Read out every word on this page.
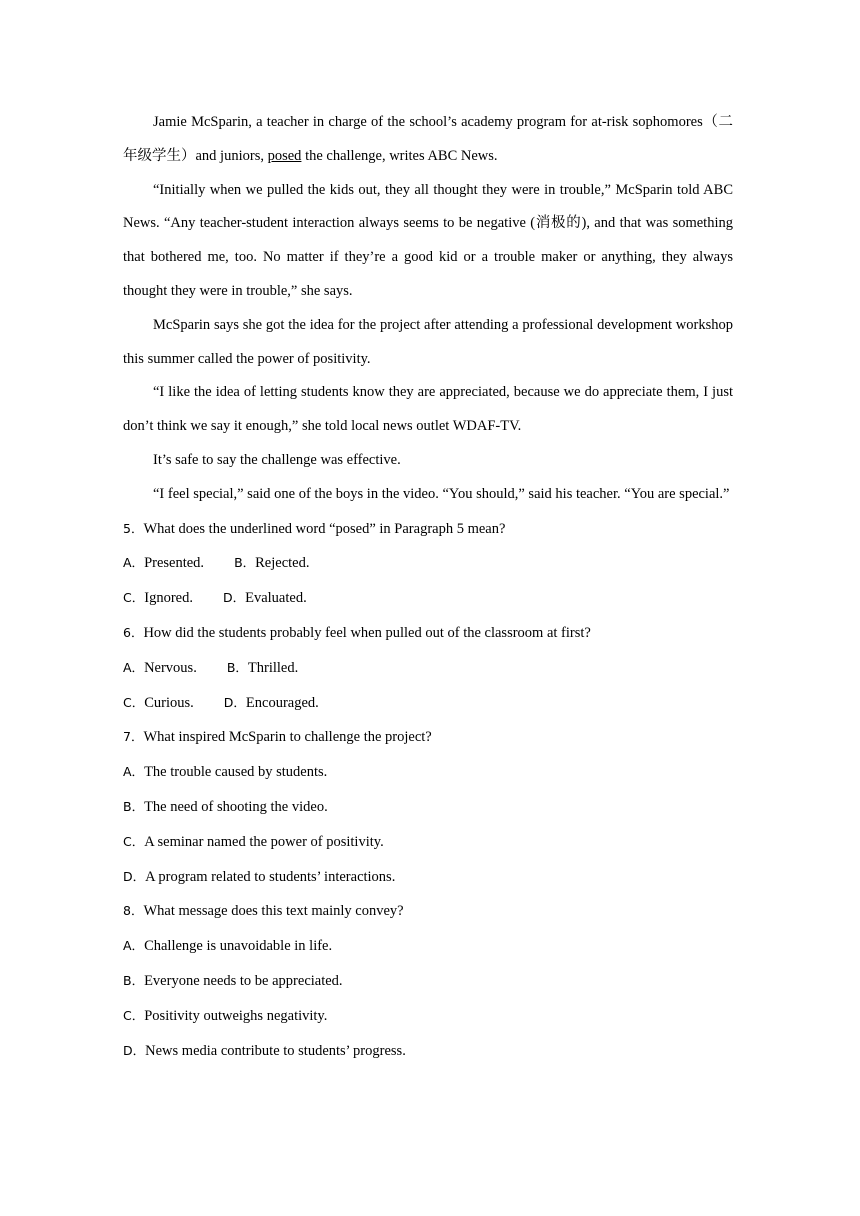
Jamie McSparin, a teacher in charge of the school’s academy program for at-risk sophomores（二年级学生）and juniors, posed the challenge, writes ABC News.

“Initially when we pulled the kids out, they all thought they were in trouble,” McSparin told ABC News. “Any teacher-student interaction always seems to be negative (消极的), and that was something that bothered me, too. No matter if they’re a good kid or a trouble maker or anything, they always thought they were in trouble,” she says.

McSparin says she got the idea for the project after attending a professional development workshop this summer called the power of positivity.

“I like the idea of letting students know they are appreciated, because we do appreciate them, I just don’t think we say it enough,” she told local news outlet WDAF-TV.

It’s safe to say the challenge was effective.

“I feel special,” said one of the boys in the video. “You should,” said his teacher. “You are special.”

5．What does the underlined word “posed” in Paragraph 5 mean?

A．Presented. B．Rejected.

C．Ignored. D．Evaluated.

6．How did the students probably feel when pulled out of the classroom at first?

A．Nervous. B．Thrilled.

C．Curious. D．Encouraged.

7．What inspired McSparin to challenge the project?

A．The trouble caused by students.

B．The need of shooting the video.

C．A seminar named the power of positivity.

D．A program related to students’ interactions.

8．What message does this text mainly convey?

A．Challenge is unavoidable in life.

B．Everyone needs to be appreciated.

C．Positivity outweighs negativity.

D．News media contribute to students’ progress.
